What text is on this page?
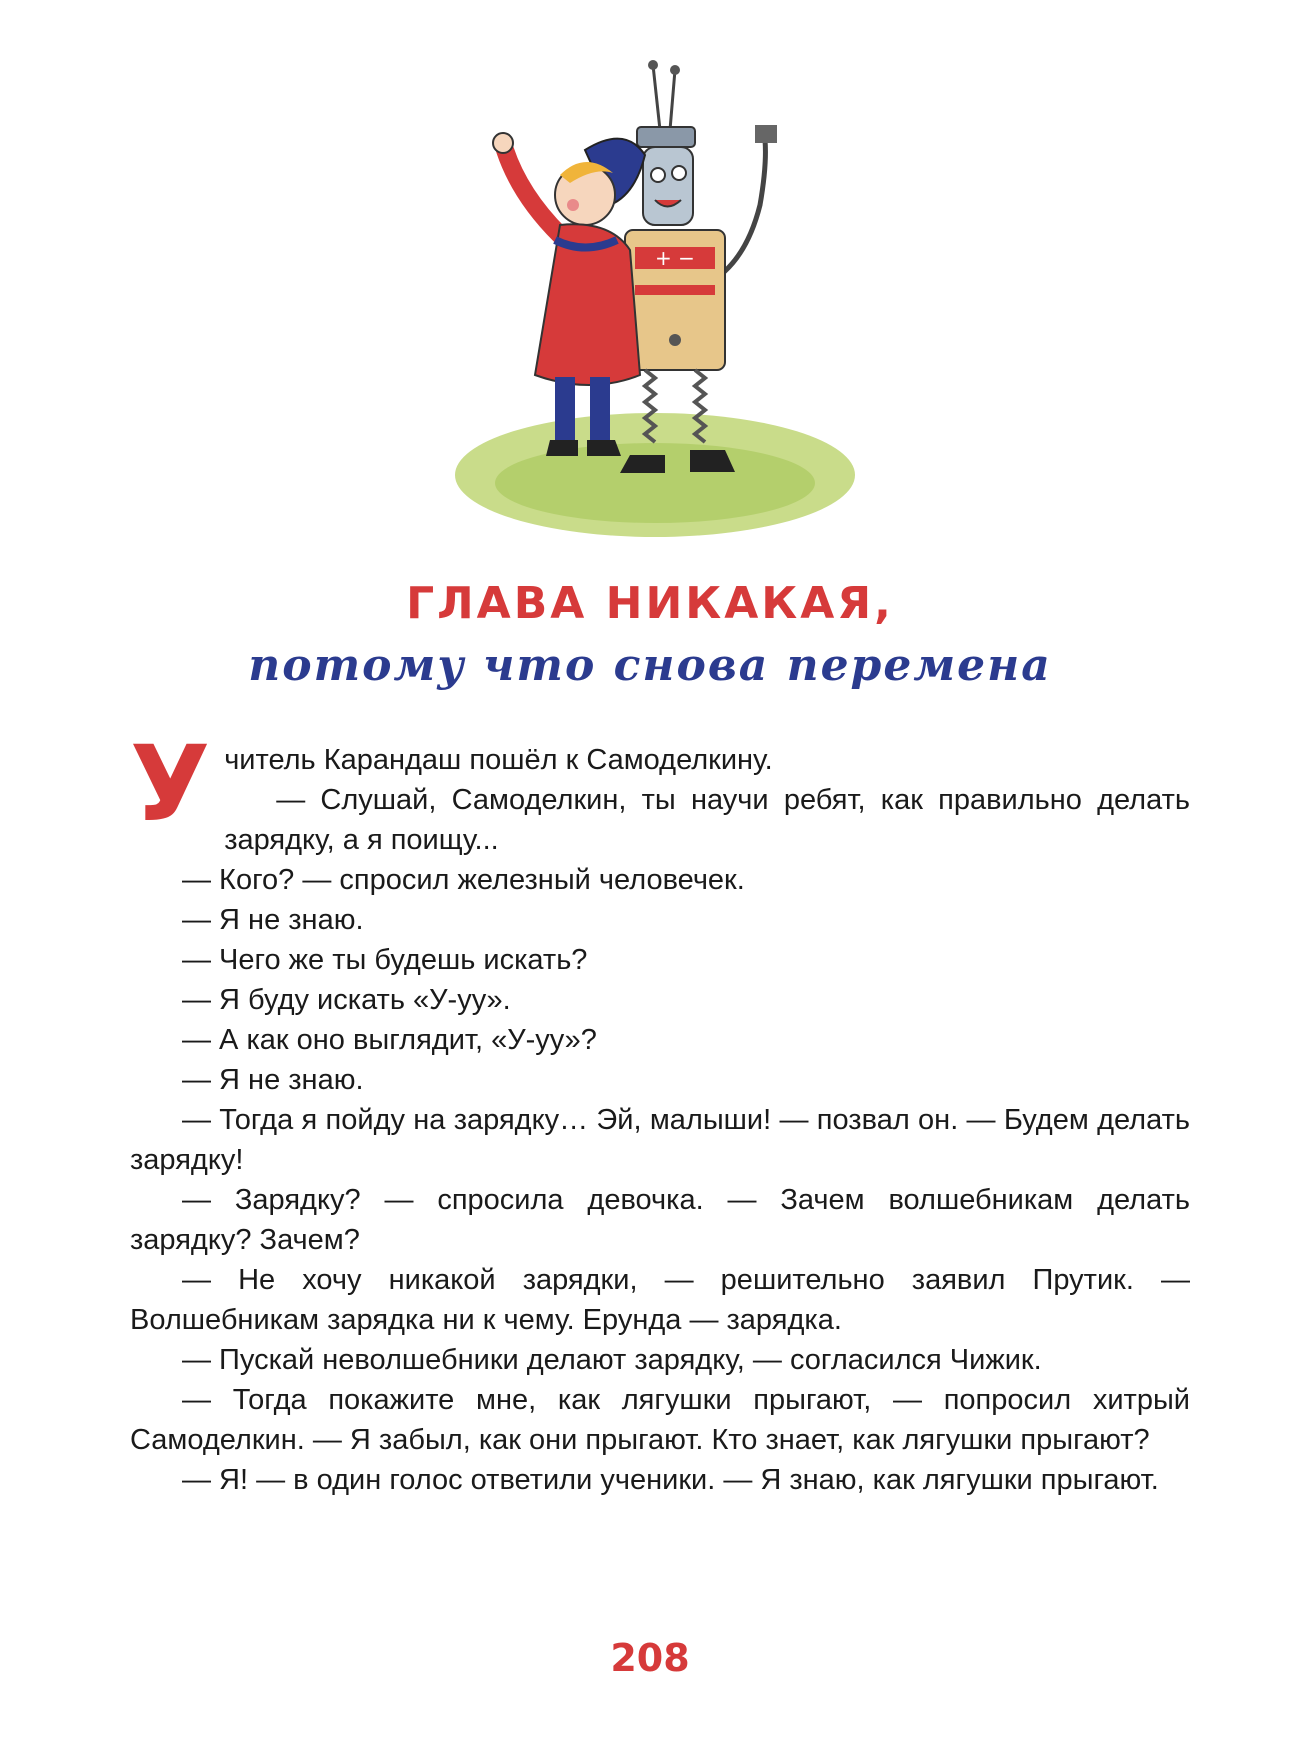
+ −
ГЛАВА НИКАКАЯ,
потому что снова перемена

Учитель Карандаш пошёл к Самоделкину.

— Слушай, Самоделкин, ты научи ребят, как правильно делать зарядку, а я поищу...

— Кого? — спросил железный человечек.

— Я не знаю.

— Чего же ты будешь искать?

— Я буду искать «У-уу».

— А как оно выглядит, «У-уу»?

— Я не знаю.

— Тогда я пойду на зарядку… Эй, малыши! — позвал он. — Будем делать зарядку!

— Зарядку? — спросила девочка. — Зачем волшебникам делать зарядку? Зачем?

— Не хочу никакой зарядки, — решительно заявил Прутик. — Волшебникам зарядка ни к чему. Ерунда — зарядка.

— Пускай неволшебники делают зарядку, — согласился Чижик.

— Тогда покажите мне, как лягушки прыгают, — попросил хитрый Самоделкин. — Я забыл, как они прыгают. Кто знает, как лягушки прыгают?

— Я! — в один голос ответили ученики. — Я знаю, как лягушки прыгают.

208
